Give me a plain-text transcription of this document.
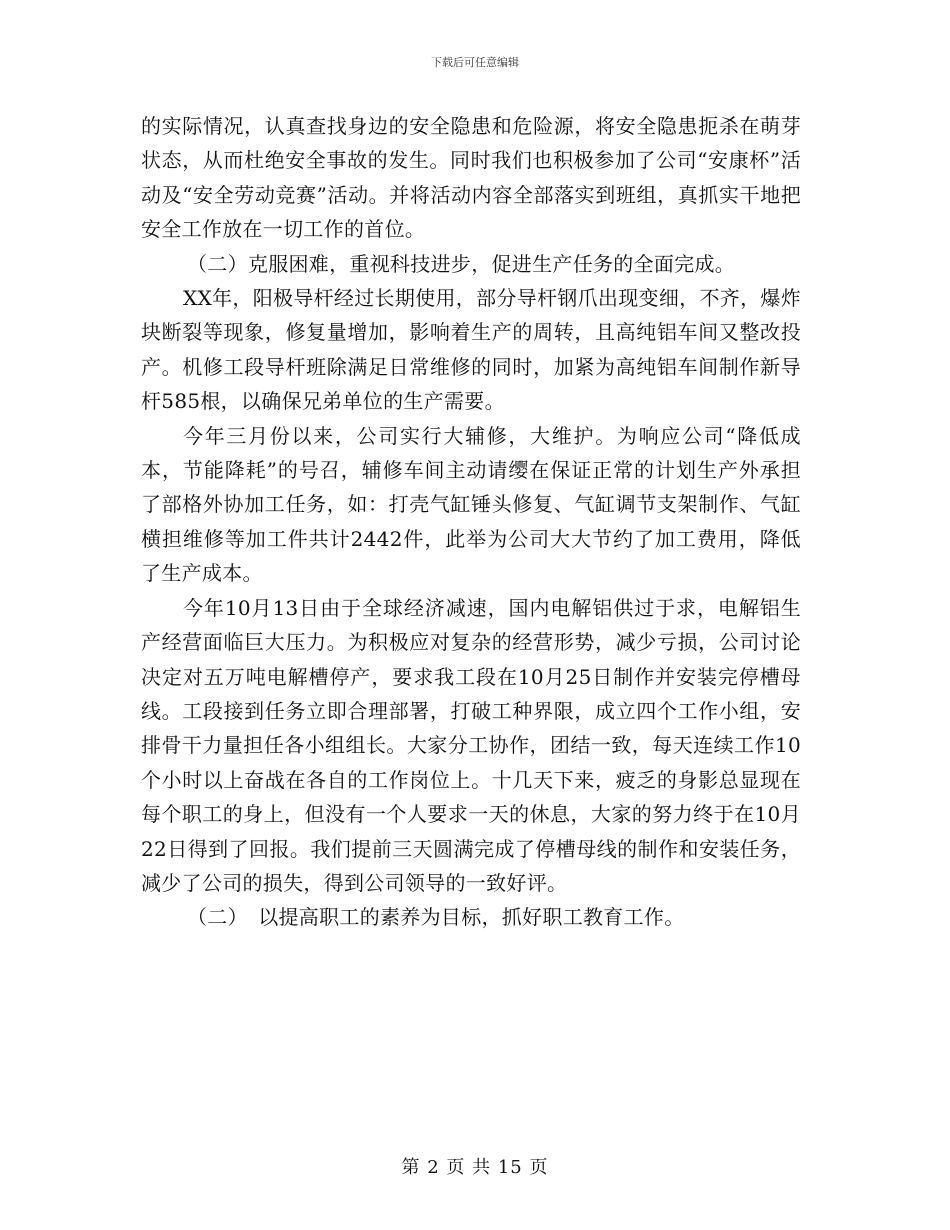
下载后可任意编辑

的实际情况，认真查找身边的安全隐患和危险源，将安全隐患扼杀在萌芽状态，从而杜绝安全事故的发生。同时我们也积极参加了公司“安康杯”活动及“安全劳动竞赛”活动。并将活动内容全部落实到班组，真抓实干地把安全工作放在一切工作的首位。

（二）克服困难，重视科技进步，促进生产任务的全面完成。

XX年，阳极导杆经过长期使用，部分导杆钢爪出现变细，不齐，爆炸块断裂等现象，修复量增加，影响着生产的周转，且高纯铝车间又整改投产。机修工段导杆班除满足日常维修的同时，加紧为高纯铝车间制作新导杆585根，以确保兄弟单位的生产需要。

今年三月份以来，公司实行大辅修，大维护。为响应公司“降低成本，节能降耗”的号召，辅修车间主动请缨在保证正常的计划生产外承担了部格外协加工任务，如：打壳气缸锤头修复、气缸调节支架制作、气缸横担维修等加工件共计2442件，此举为公司大大节约了加工费用，降低了生产成本。

今年10月13日由于全球经济减速，国内电解铝供过于求，电解铝生产经营面临巨大压力。为积极应对复杂的经营形势，减少亏损，公司讨论决定对五万吨电解槽停产，要求我工段在10月25日制作并安装完停槽母线。工段接到任务立即合理部署，打破工种界限，成立四个工作小组，安排骨干力量担任各小组组长。大家分工协作，团结一致，每天连续工作10个小时以上奋战在各自的工作岗位上。十几天下来，疲乏的身影总显现在每个职工的身上，但没有一个人要求一天的休息，大家的努力终于在10月22日得到了回报。我们提前三天圆满完成了停槽母线的制作和安装任务，减少了公司的损失，得到公司领导的一致好评。

（二）　以提高职工的素养为目标，抓好职工教育工作。

第 2 页 共 15 页
